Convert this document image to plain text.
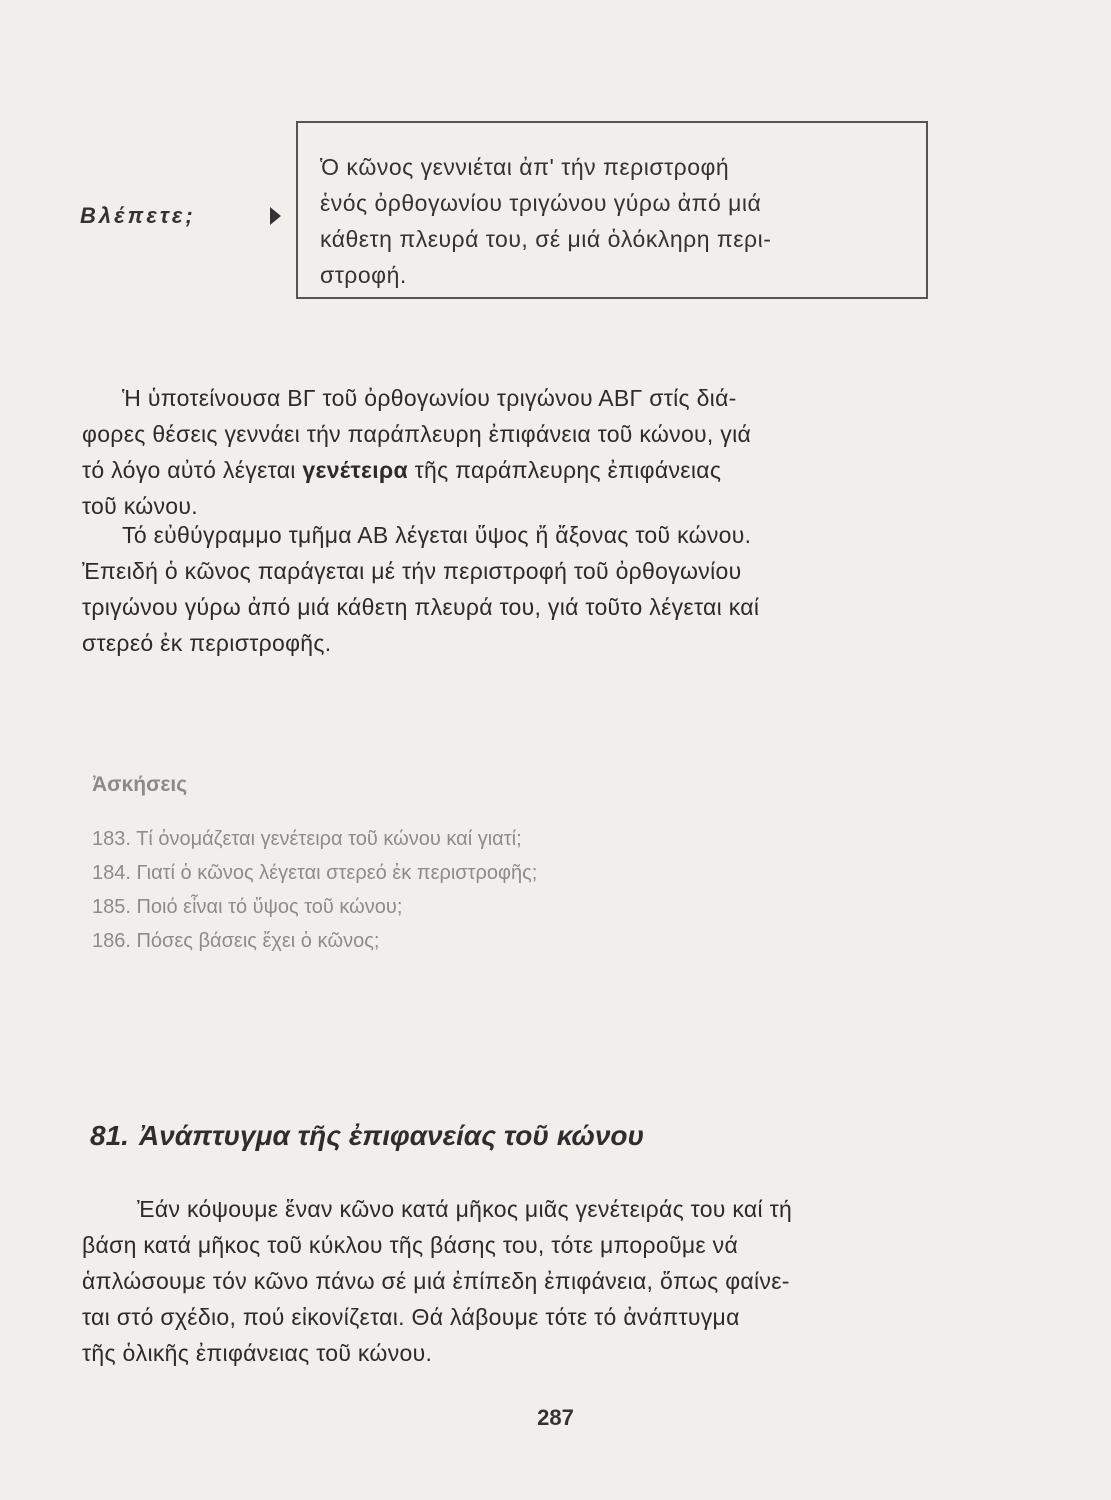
Βλέπετε;
Ὁ κῶνος γεννιέται ἀπ' τήν περιστροφή
ἑνός ὀρθογωνίου τριγώνου γύρω ἀπό μιά
κάθετη πλευρά του, σέ μιά ὁλόκληρη περι-
στροφή.
Ἡ ὑποτείνουσα ΒΓ τοῦ ὀρθογωνίου τριγώνου ΑΒΓ στίς διά-
φορες θέσεις γεννάει τήν παράπλευρη ἐπιφάνεια τοῦ κώνου, γιά
τό λόγο αὐτό λέγεται γενέτειρα τῆς παράπλευρης ἐπιφάνειας
τοῦ κώνου.
Τό εὐθύγραμμο τμῆμα ΑΒ λέγεται ὕψος ἤ ἄξονας τοῦ κώνου.
Ἐπειδή ὁ κῶνος παράγεται μέ τήν περιστροφή τοῦ ὀρθογωνίου
τριγώνου γύρω ἀπό μιά κάθετη πλευρά του, γιά τοῦτο λέγεται καί
στερεό ἐκ περιστροφῆς.
Ἀσκήσεις
183. Τί ὀνομάζεται γενέτειρα τοῦ κώνου καί γιατί;
184. Γιατί ὁ κῶνος λέγεται στερεό ἐκ περιστροφῆς;
185. Ποιό εἶναι τό ὕψος τοῦ κώνου;
186. Πόσες βάσεις ἔχει ὁ κῶνος;
81. Ἀνάπτυγμα τῆς ἐπιφανείας τοῦ κώνου
Ἐάν κόψουμε ἕναν κῶνο κατά μῆκος μιᾶς γενέτειράς του καί τή
βάση κατά μῆκος τοῦ κύκλου τῆς βάσης του, τότε μποροῦμε νά
ἁπλώσουμε τόν κῶνο πάνω σέ μιά ἐπίπεδη ἐπιφάνεια, ὅπως φαίνε-
ται στό σχέδιο, πού εἰκονίζεται. Θά λάβουμε τότε τό ἀνάπτυγμα
τῆς ὁλικῆς ἐπιφάνειας τοῦ κώνου.
287
